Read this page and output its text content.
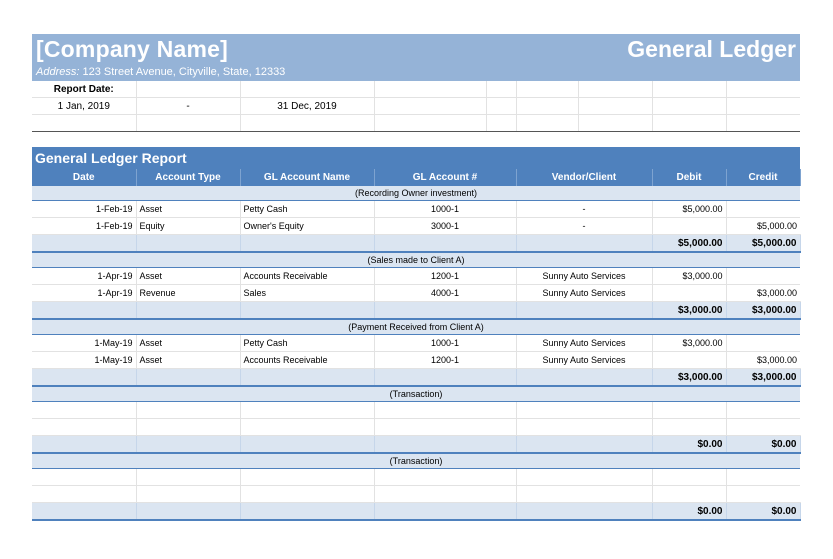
[Company Name]	General Ledger
Address: 123 Street Avenue, Cityville, State, 12333
Report Date:								
1 Jan, 2019	-	31 Dec, 2019						

General Ledger Report
Date	Account Type	GL Account Name	GL Account #	Vendor/Client	Debit	Credit
(Recording Owner investment)						
1-Feb-19	Asset	Petty Cash	1000-1	-	$5,000.00	
1-Feb-19	Equity	Owner's Equity	3000-1	-		$5,000.00
					$5,000.00	$5,000.00
(Sales made to Client A)						
1-Apr-19	Asset	Accounts Receivable	1200-1	Sunny Auto Services	$3,000.00	
1-Apr-19	Revenue	Sales	4000-1	Sunny Auto Services		$3,000.00
					$3,000.00	$3,000.00
(Payment Received from Client A)						
1-May-19	Asset	Petty Cash	1000-1	Sunny Auto Services	$3,000.00	
1-May-19	Asset	Accounts Receivable	1200-1	Sunny Auto Services		$3,000.00
					$3,000.00	$3,000.00
(Transaction)						

					$0.00	$0.00
(Transaction)						

					$0.00	$0.00
